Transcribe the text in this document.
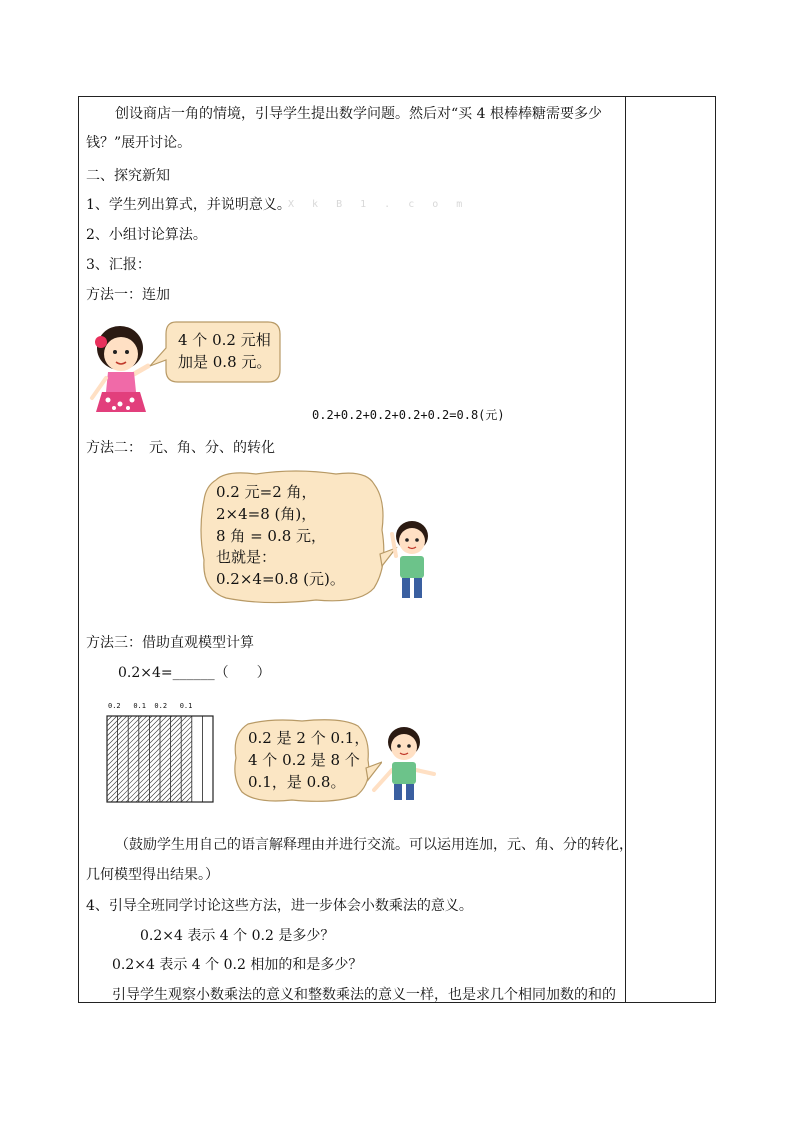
创设商店一角的情境，引导学生提出数学问题。然后对“买 4 根棒棒糖需要多少
钱？”展开讨论。
二、探究新知
1、学生列出算式，并说明意义。
X k B 1 . c o m
2、小组讨论算法。
3、汇报：
方法一：连加
4 个 0.2 元相
加是 0.8 元。
0.2+0.2+0.2+0.2+0.2=0.8(元)
方法二：　元、角、分、的转化
0.2 元=2 角，
2×4=8 (角)，
8 角 = 0.8 元，
也就是：
0.2×4=0.8 (元)。
方法三：借助直观模型计算
0.2×4=______（　　）
0.2 0.1 0.2 0.1
0.2 是 2 个 0.1，
4 个 0.2 是 8 个
0.1，是 0.8。
（鼓励学生用自己的语言解释理由并进行交流。可以运用连加，元、角、分的转化，
几何模型得出结果。）
4、引导全班同学讨论这些方法，进一步体会小数乘法的意义。
0.2×4 表示 4 个 0.2 是多少？
0.2×4 表示 4 个 0.2 相加的和是多少？
引导学生观察小数乘法的意义和整数乘法的意义一样，也是求几个相同加数的和的
